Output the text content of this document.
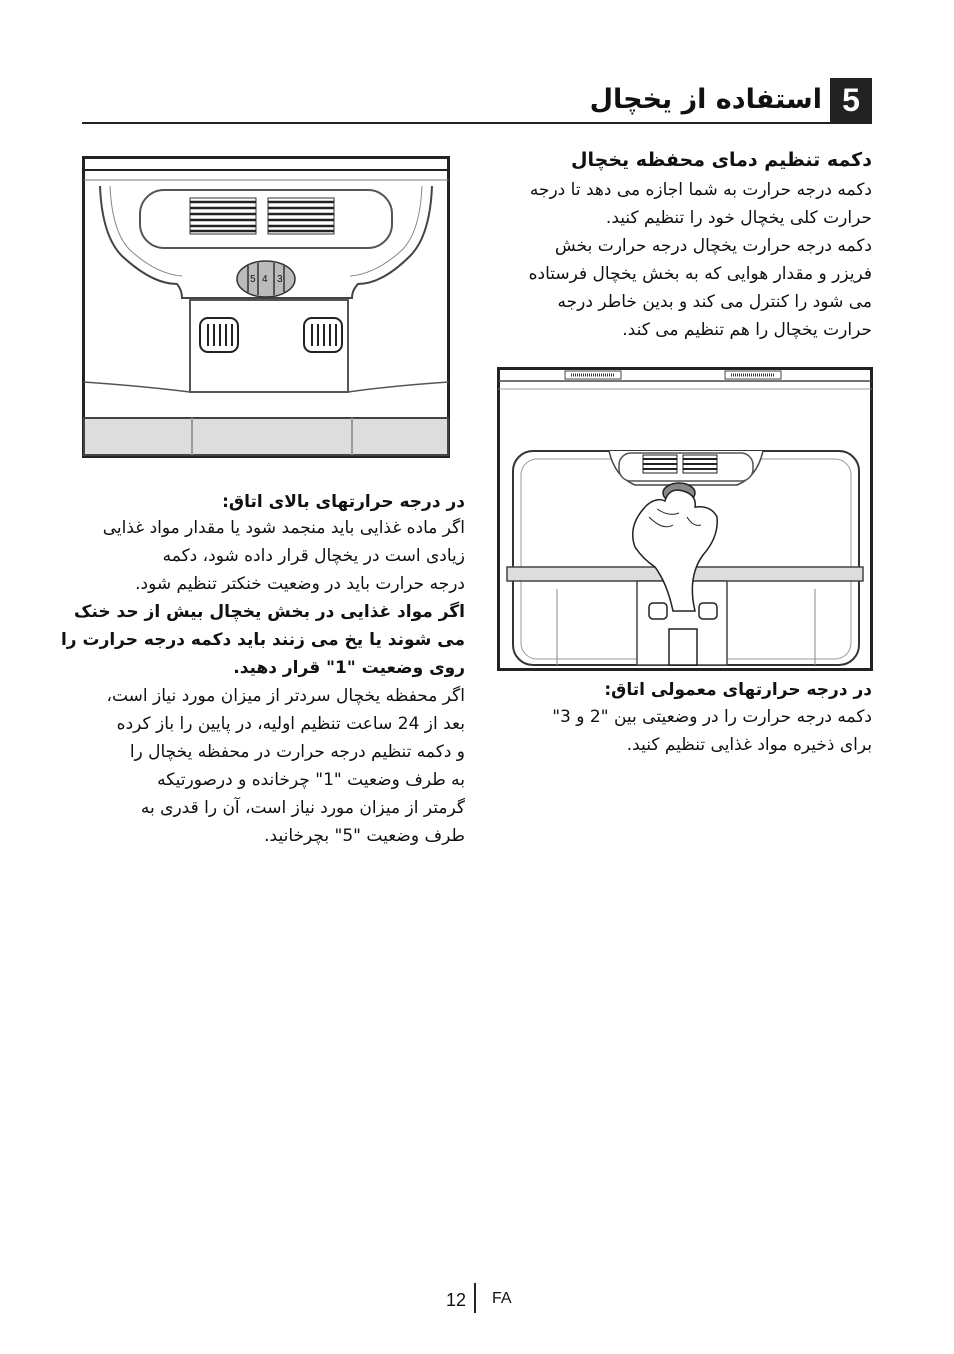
5
استفاده از یخچال
دکمه تنظیم دمای محفظه یخچال
دکمه درجه حرارت به شما اجازه می دهد تا درجه
حرارت کلی یخچال خود را تنظیم کنید.
دکمه درجه حرارت یخچال درجه حرارت بخش
فریزر و مقدار هوایی که به بخش یخچال فرستاده
می شود را کنترل می کند و بدین خاطر درجه
حرارت یخچال را هم تنظیم می کند.
5 4 3
در درجه حرارتهای معمولی اتاق:
دکمه درجه حرارت را در وضعیتی بین "2 و 3"
برای ذخیره مواد غذایی تنظیم کنید.
در درجه حرارتهای بالای اتاق:
اگر ماده غذایی باید منجمد شود یا مقدار مواد غذایی
زیادی است در یخچال قرار داده شود، دکمه
درجه حرارت باید در وضعیت خنکتر تنظیم شود.
اگر مواد غذایی در بخش یخچال بیش از حد خنک
می شوند یا یخ می زنند باید دکمه درجه حرارت را
روی وضعیت "1" قرار دهید.
اگر محفظه یخچال سردتر از میزان مورد نیاز است،
بعد از 24 ساعت تنظیم اولیه، در پایین را باز کرده
و دکمه تنظیم درجه حرارت در محفظه یخچال را
به طرف وضعیت "1" چرخانده و درصورتیکه
گرمتر از میزان مورد نیاز است، آن را قدری به
طرف وضعیت "5" بچرخانید.
12 FA
